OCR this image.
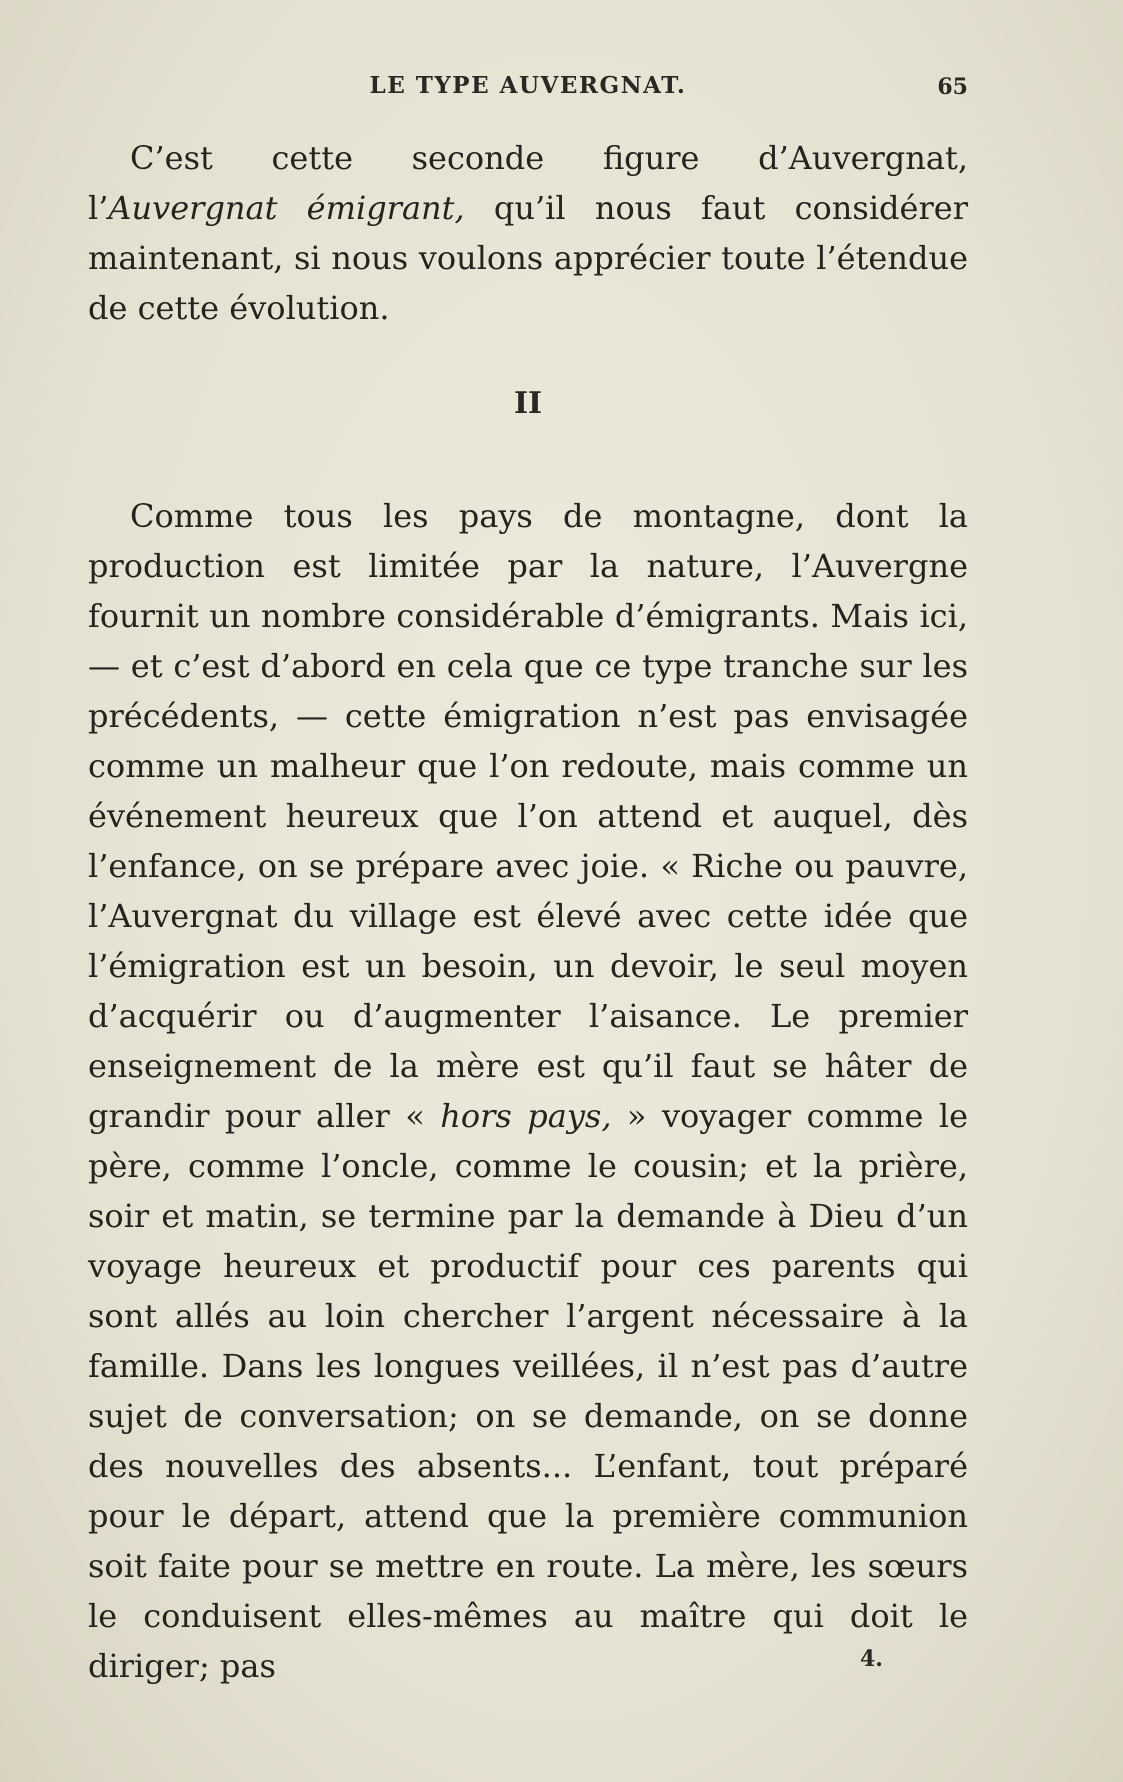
LE TYPE AUVERGNAT.	65

C’est cette seconde figure d’Auvergnat, l’Auvergnat émigrant, qu’il nous faut considérer maintenant, si nous voulons apprécier toute l’étendue de cette évolution.

II

Comme tous les pays de montagne, dont la production est limitée par la nature, l’Auvergne fournit un nombre considérable d’émigrants. Mais ici, — et c’est d’abord en cela que ce type tranche sur les précédents, — cette émigration n’est pas envisagée comme un malheur que l’on redoute, mais comme un événement heureux que l’on attend et auquel, dès l’enfance, on se prépare avec joie. « Riche ou pauvre, l’Auvergnat du village est élevé avec cette idée que l’émigration est un besoin, un devoir, le seul moyen d’acquérir ou d’augmenter l’aisance. Le premier enseignement de la mère est qu’il faut se hâter de grandir pour aller « hors pays, » voyager comme le père, comme l’oncle, comme le cousin; et la prière, soir et matin, se termine par la demande à Dieu d’un voyage heureux et productif pour ces parents qui sont allés au loin chercher l’argent nécessaire à la famille. Dans les longues veillées, il n’est pas d’autre sujet de conversation; on se demande, on se donne des nouvelles des absents... L’enfant, tout préparé pour le départ, attend que la première communion soit faite pour se mettre en route. La mère, les sœurs le conduisent elles-mêmes au maître qui doit le diriger; pas	4.
